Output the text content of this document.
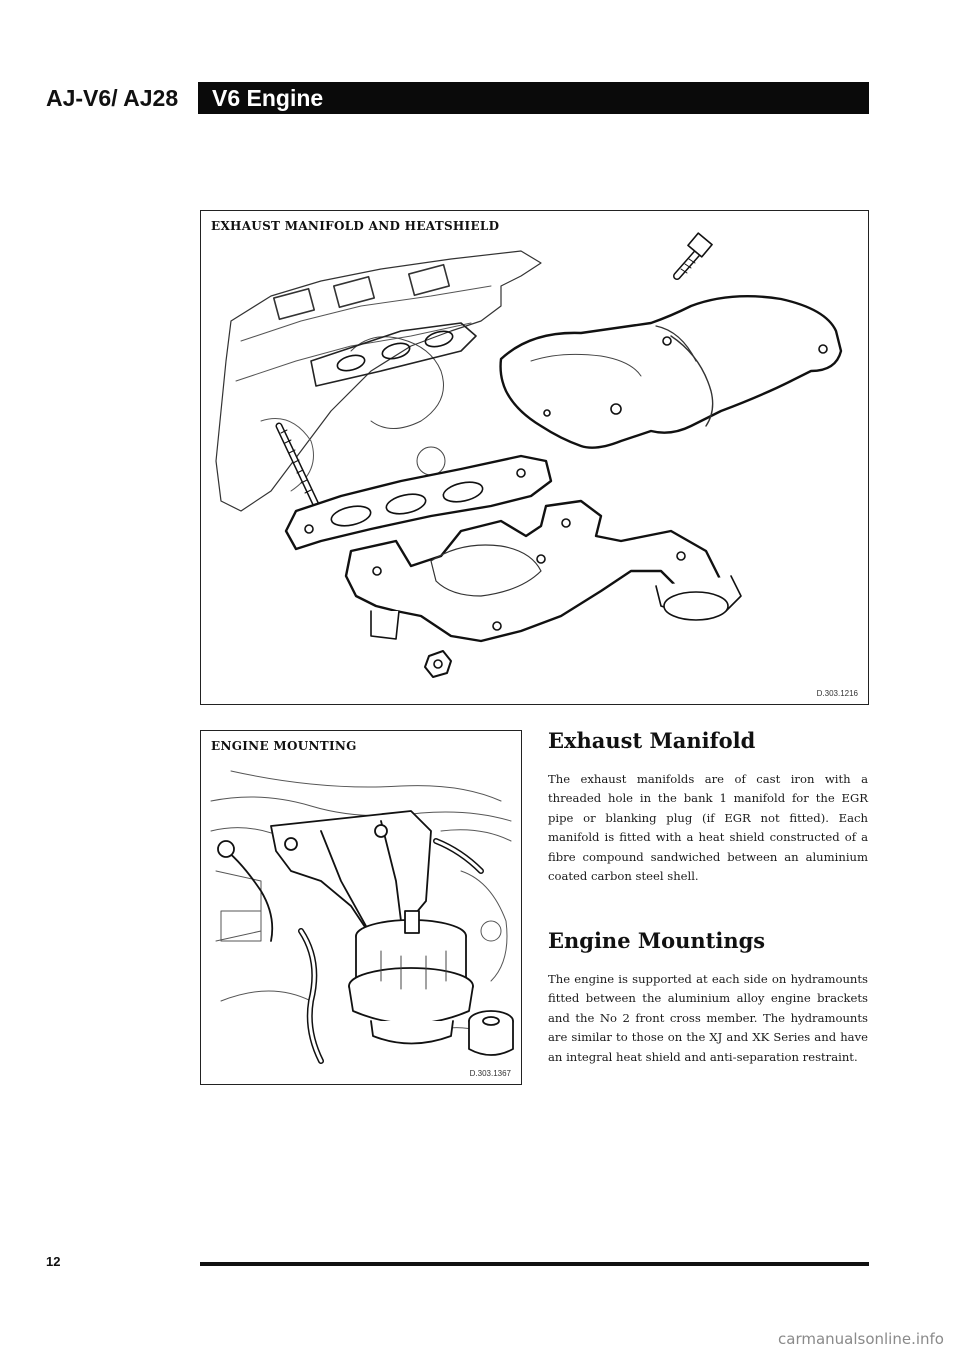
AJ-V6/ AJ28 V6 Engine
EXHAUST MANIFOLD AND HEATSHIELD
D.303.1216
ENGINE MOUNTING
D.303.1367
Exhaust Manifold
The exhaust manifolds are of cast iron with a threaded hole in the bank 1 manifold for the EGR pipe or blanking plug (if EGR not fitted). Each manifold is fitted with a heat shield constructed of a fibre compound sandwiched between an aluminium coated carbon steel shell.
Engine Mountings
The engine is supported at each side on hydramounts fitted between the aluminium alloy engine brackets and the No 2 front cross member. The hydramounts are similar to those on the XJ and XK Series and have an integral heat shield and anti-separation restraint.
12
carmanualsonline.info
